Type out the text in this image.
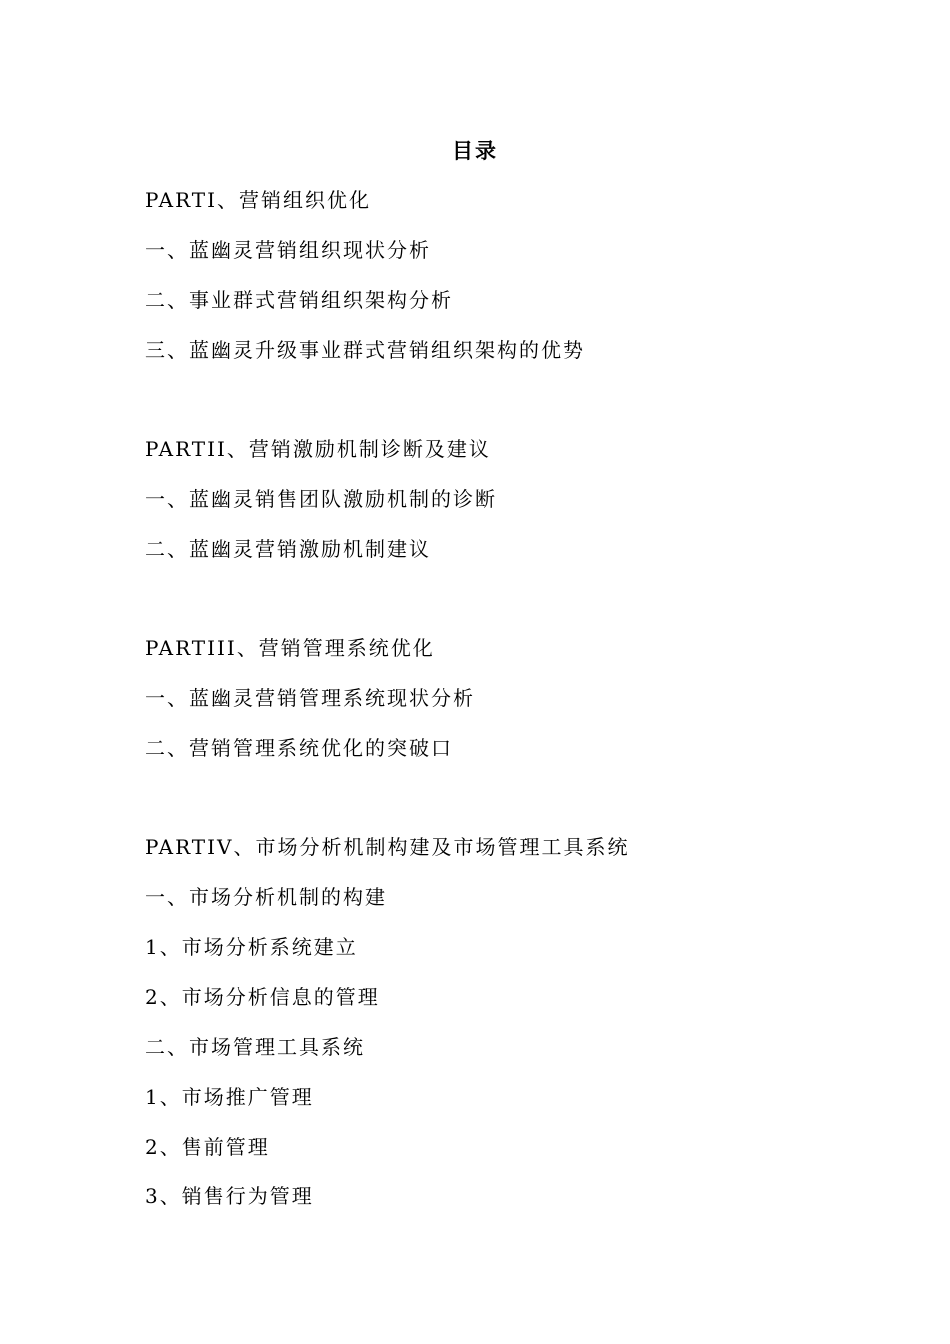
目录
PARTI、营销组织优化
一、蓝幽灵营销组织现状分析
二、事业群式营销组织架构分析
三、蓝幽灵升级事业群式营销组织架构的优势
PARTII、营销激励机制诊断及建议
一、蓝幽灵销售团队激励机制的诊断
二、蓝幽灵营销激励机制建议
PARTIII、营销管理系统优化
一、蓝幽灵营销管理系统现状分析
二、营销管理系统优化的突破口
PARTIV、市场分析机制构建及市场管理工具系统
一、市场分析机制的构建
1、市场分析系统建立
2、市场分析信息的管理
二、市场管理工具系统
1、市场推广管理
2、售前管理
3、销售行为管理
